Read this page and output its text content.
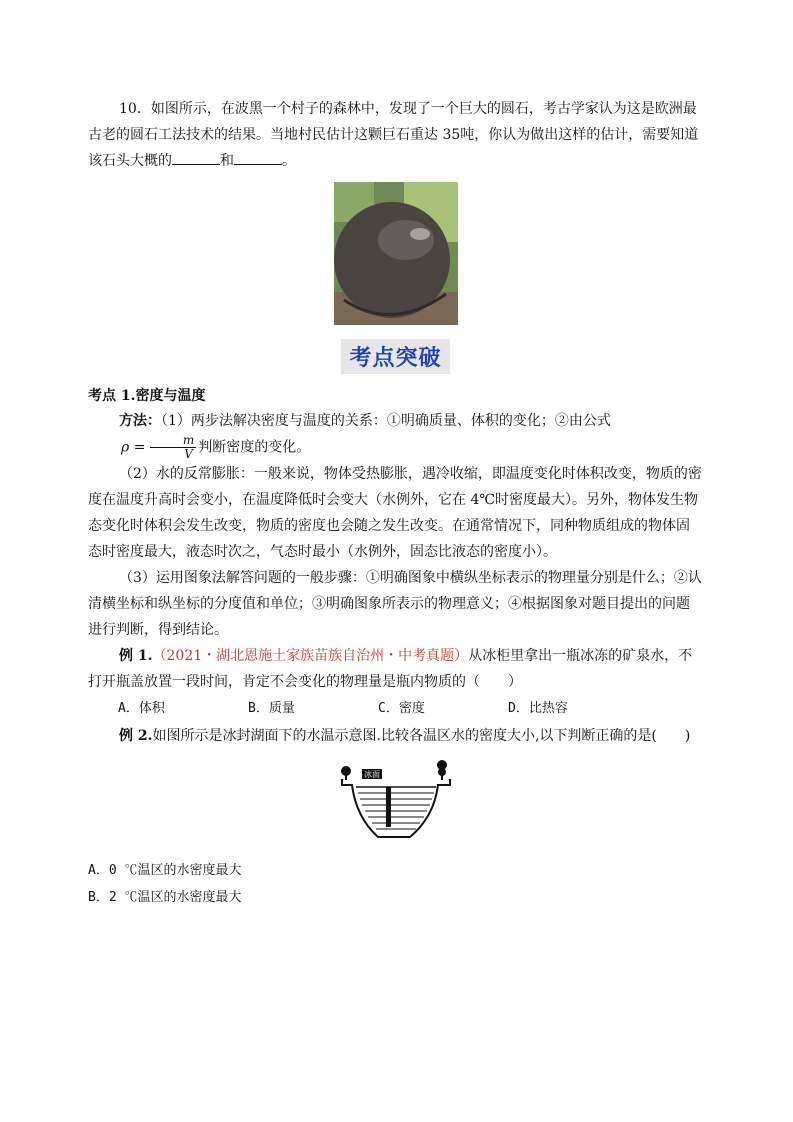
10．如图所示，在波黑一个村子的森林中，发现了一个巨大的圆石，考古学家认为这是欧洲最古老的圆石工法技术的结果。当地村民估计这颗巨石重达 35吨，你认为做出这样的估计，需要知道该石头大概的	和	。

考点突破

考点 1.密度与温度

方法：（1）两步法解决密度与温度的关系：①明确质量、体积的变化；②由公式$\rho = \frac{m}{V}$ 判断密度的变化。

（2）水的反常膨胀：一般来说，物体受热膨胀，遇冷收缩，即温度变化时体积改变，物质的密度在温度升高时会变小，在温度降低时会变大（水例外，它在 4℃时密度最大）。另外，物体发生物态变化时体积会发生改变，物质的密度也会随之发生改变。在通常情况下，同种物质组成的物体固态时密度最大，液态时次之，气态时最小（水例外，固态比液态的密度小）。

（3）运用图象法解答问题的一般步骤：①明确图象中横纵坐标表示的物理量分别是什么；②认清横坐标和纵坐标的分度值和单位；③明确图象所表示的物理意义；④根据图象对题目提出的问题进行判断，得到结论。

例 1.（2021・湖北恩施土家族苗族自治州・中考真题）从冰柜里拿出一瓶冰冻的矿泉水，不打开瓶盖放置一段时间，肯定不会变化的物理量是瓶内物质的（　　）

A．体积	B．质量	C．密度	D．比热容

例 2.如图所示是冰封湖面下的水温示意图.比较各温区水的密度大小,以下判断正确的是(　　)

冰面

A．0 ℃温区的水密度最大

B．2 ℃温区的水密度最大
